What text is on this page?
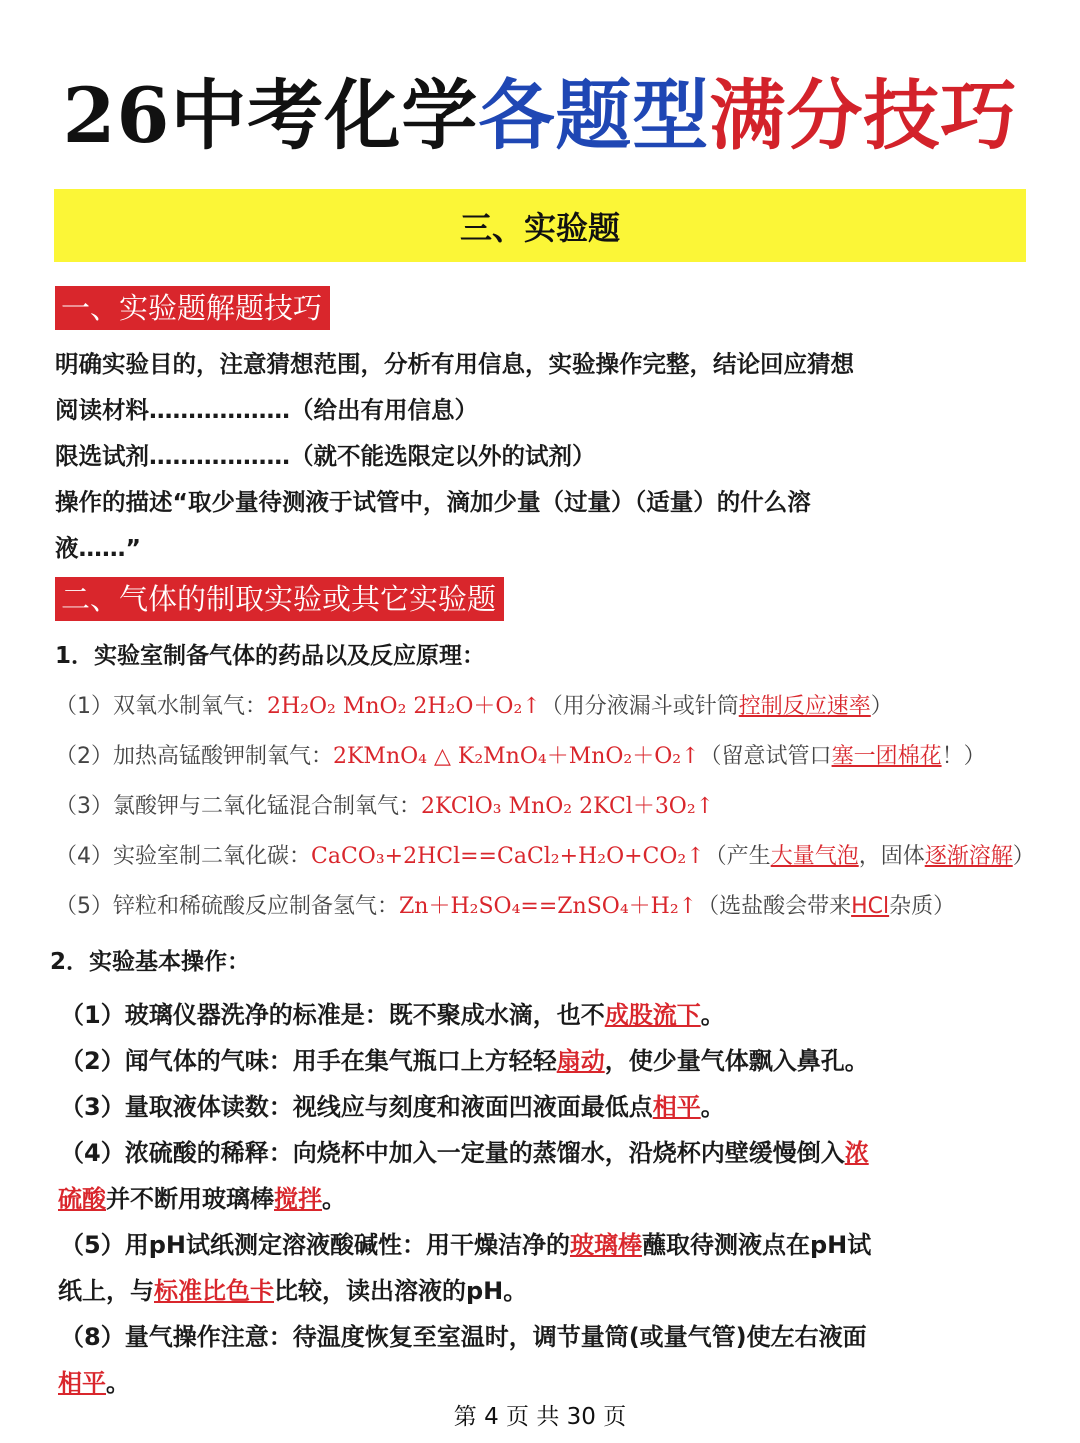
26中考化学各题型满分技巧
三、实验题
一、实验题解题技巧
明确实验目的，注意猜想范围，分析有用信息，实验操作完整，结论回应猜想
阅读材料………………（给出有用信息）
限选试剂………………（就不能选限定以外的试剂）
操作的描述“取少量待测液于试管中，滴加少量（过量）（适量）的什么溶
液……”
二、气体的制取实验或其它实验题
1．实验室制备气体的药品以及反应原理：
（1）双氧水制氧气：2H₂O₂ MnO₂ 2H₂O＋O₂↑（用分液漏斗或针筒控制反应速率）
（2）加热高锰酸钾制氧气：2KMnO₄ △ K₂MnO₄＋MnO₂＋O₂↑（留意试管口塞一团棉花！）
（3）氯酸钾与二氧化锰混合制氧气：2KClO₃ MnO₂ 2KCl＋3O₂↑
（4）实验室制二氧化碳：CaCO₃+2HCl==CaCl₂+H₂O+CO₂↑（产生大量气泡，固体逐渐溶解）
（5）锌粒和稀硫酸反应制备氢气：Zn＋H₂SO₄==ZnSO₄＋H₂↑（选盐酸会带来HCl杂质）
2．实验基本操作：
（1）玻璃仪器洗净的标准是：既不聚成水滴，也不成股流下。
（2）闻气体的气味：用手在集气瓶口上方轻轻扇动，使少量气体飘入鼻孔。
（3）量取液体读数：视线应与刻度和液面凹液面最低点相平。
（4）浓硫酸的稀释：向烧杯中加入一定量的蒸馏水，沿烧杯内壁缓慢倒入浓
硫酸并不断用玻璃棒搅拌。
（5）用pH试纸测定溶液酸碱性：用干燥洁净的玻璃棒蘸取待测液点在pH试
纸上，与标准比色卡比较，读出溶液的pH。
（8）量气操作注意：待温度恢复至室温时，调节量筒(或量气管)使左右液面
相平。
第 4 页 共 30 页
